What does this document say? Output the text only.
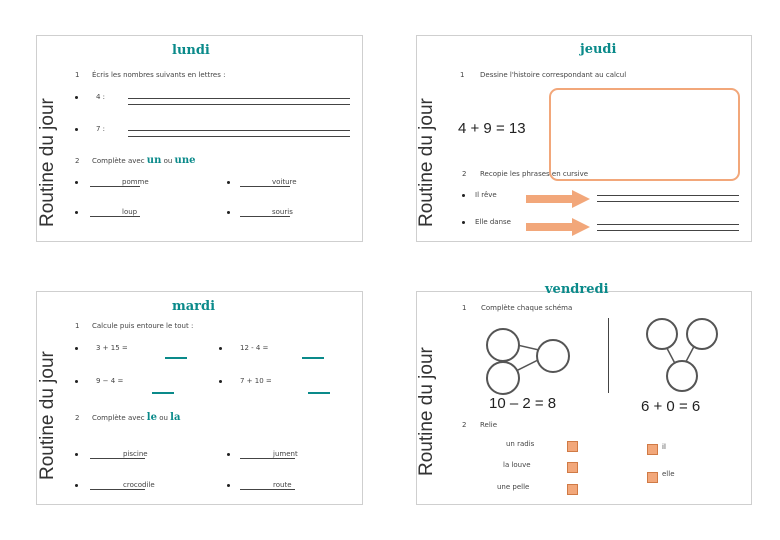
Routine du jour
lundi
1 Écris les nombres suivants en lettres :
4 :
7 :
2 Complète avec un ou une
pomme	voiture
loup	souris	Routine du jour
jeudi
1 Dessine l'histoire correspondant au calcul
4 + 9 = 13
2 Recopie les phrases en cursive
Il rêve
Elle danse
Routine du jour
mardi
1 Calcule puis entoure le tout :
3 + 15 =	12 - 4 =
9 − 4 =	7 + 10 =
2 Complète avec le ou la
piscine	jument
crocodile	route
Routine du jour
vendredi
1 Complète chaque schéma
10 – 2 = 8	6 + 0 = 6
2 Relie
un radis
la louve
une pelle
il
elle
